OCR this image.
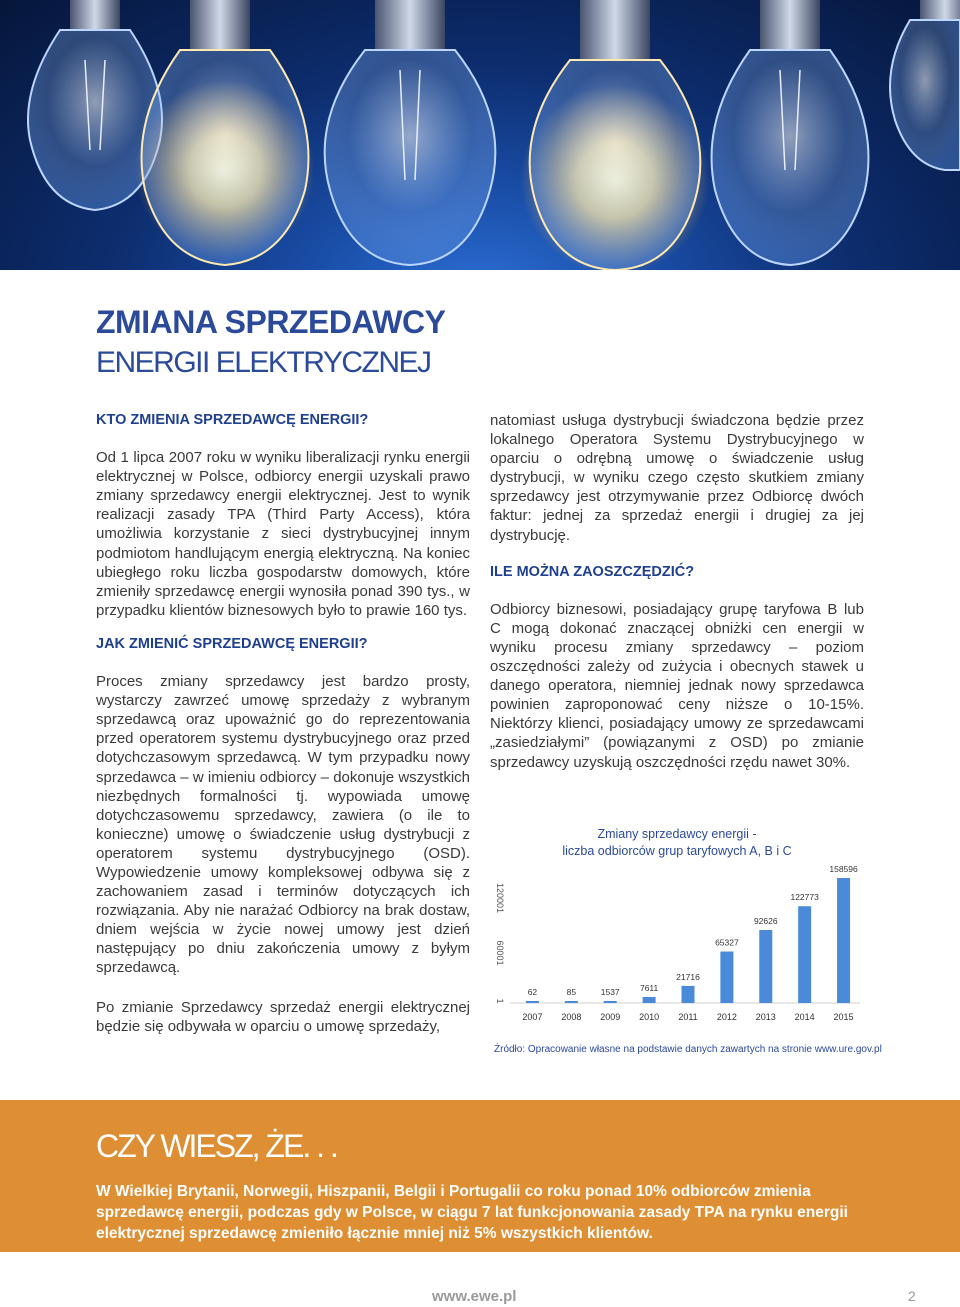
ZMIANA SPRZEDAWCY
ENERGII ELEKTRYCZNEJ
KTO ZMIENIA SPRZEDAWCĘ ENERGII?

Od 1 lipca 2007 roku w wyniku liberalizacji rynku energii elektrycznej w Polsce, odbiorcy energii uzyskali prawo zmiany sprzedawcy energii elektrycznej. Jest to wynik realizacji zasady TPA (Third Party Access), która umożliwia korzystanie z sieci dystrybucyjnej innym podmiotom handlującym energią elektryczną. Na koniec ubiegłego roku liczba gospodarstw domowych, które zmieniły sprzedawcę energii wynosiła ponad 390 tys., w przypadku klientów biznesowych było to prawie 160 tys.

JAK ZMIENIĆ SPRZEDAWCĘ ENERGII?

Proces zmiany sprzedawcy jest bardzo prosty, wystarczy zawrzeć umowę sprzedaży z wybranym sprzedawcą oraz upoważnić go do reprezentowania przed operatorem systemu dystrybucyjnego oraz przed dotychczasowym sprzedawcą. W tym przypadku nowy sprzedawca – w imieniu odbiorcy – dokonuje wszystkich niezbędnych formalności tj. wypowiada umowę dotychczasowemu sprzedawcy, zawiera (o ile to konieczne) umowę o świadczenie usług dystrybucji z operatorem systemu dystrybucyjnego (OSD). Wypowiedzenie umowy kompleksowej odbywa się z zachowaniem zasad i terminów dotyczących ich rozwiązania. Aby nie narażać Odbiorcy na brak dostaw, dniem wejścia w życie nowej umowy jest dzień następujący po dniu zakończenia umowy z byłym sprzedawcą.

Po zmianie Sprzedawcy sprzedaż energii elektrycznej będzie się odbywała w oparciu o umowę sprzedaży,

natomiast usługa dystrybucji świadczona będzie przez lokalnego Operatora Systemu Dystrybucyjnego w oparciu o odrębną umowę o świadczenie usług dystrybucji, w wyniku czego często skutkiem zmiany sprzedawcy jest otrzymywanie przez Odbiorcę dwóch faktur: jednej za sprzedaż energii i drugiej za jej dystrybucję.

ILE MOŻNA ZAOSZCZĘDZIĆ?

Odbiorcy biznesowi, posiadający grupę taryfowa B lub C mogą dokonać znaczącej obniżki cen energii w wyniku procesu zmiany sprzedawcy – poziom oszczędności zależy od zużycia i obecnych stawek u danego operatora, niemniej jednak nowy sprzedawca powinien zaproponować ceny niższe o 10-15%. Niektórzy klienci, posiadający umowy ze sprzedawcami „zasiedziałymi” (powiązanymi z OSD) po zmianie sprzedawcy uzyskują oszczędności rzędu nawet 30%.

Zmiany sprzedawcy energii -
liczba odbiorców grup taryfowych A, B i C
1
60001
120001
62
2007
85
2008
1537
2009
7611
2010
21716
2011
65327
2012
92626
2013
122773
2014
158596
2015
Źródło: Opracowanie własne na podstawie danych zawartych na stronie www.ure.gov.pl
CZY WIESZ, ŻE. . .
W Wielkiej Brytanii, Norwegii, Hiszpanii, Belgii i Portugalii co roku ponad 10% odbiorców zmienia sprzedawcę energii, podczas gdy w Polsce, w ciągu 7 lat funkcjonowania zasady TPA na rynku energii elektrycznej sprzedawcę zmieniło łącznie mniej niż 5% wszystkich klientów.
www.ewe.pl	2
